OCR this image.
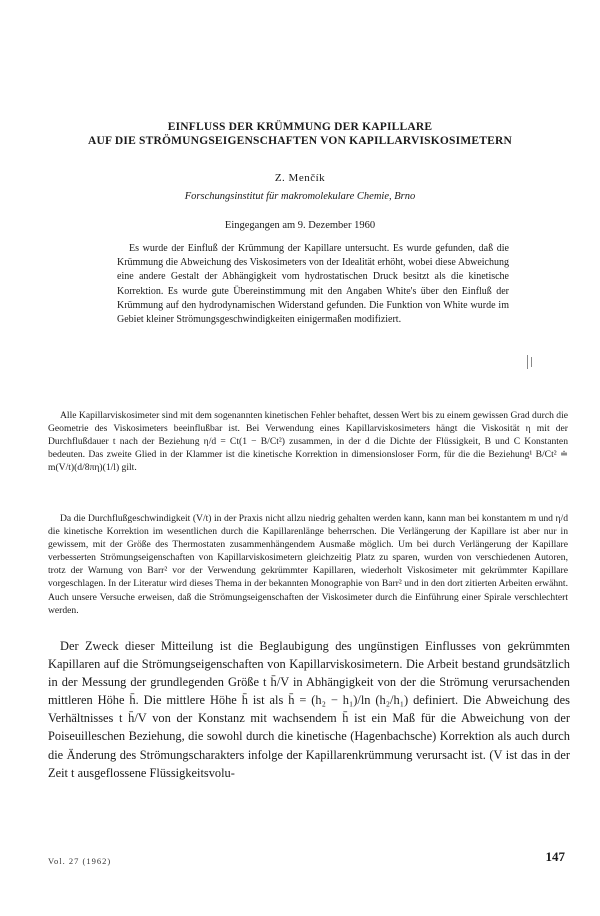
EINFLUSS DER KRÜMMUNG DER KAPILLARE
AUF DIE STRÖMUNGSEIGENSCHAFTEN VON KAPILLARVISKOSIMETERN
Z. Menčík
Forschungsinstitut für makromolekulare Chemie, Brno
Eingegangen am 9. Dezember 1960

Es wurde der Einfluß der Krümmung der Kapillare untersucht. Es wurde gefunden, daß die Krümmung die Abweichung des Viskosimeters von der Idealität erhöht, wobei diese Abweichung eine andere Gestalt der Abhängigkeit vom hydrostatischen Druck besitzt als die kinetische Korrektion. Es wurde gute Übereinstimmung mit den Angaben White's über den Einfluß der Krümmung auf den hydrodynamischen Widerstand gefunden. Die Funktion von White wurde im Gebiet kleiner Strömungsgeschwindigkeiten einigermaßen modifiziert.

Alle Kapillarviskosimeter sind mit dem sogenannten kinetischen Fehler behaftet, dessen Wert bis zu einem gewissen Grad durch die Geometrie des Viskosimeters beeinflußbar ist. Bei Verwendung eines Kapillarviskosimeters hängt die Viskosität η mit der Durchflußdauer t nach der Beziehung η/d = Ct(1 − B/Ct²) zusammen, in der d die Dichte der Flüssigkeit, B und C Konstanten bedeuten. Das zweite Glied in der Klammer ist die kinetische Korrektion in dimensionsloser Form, für die die Beziehung¹ B/Ct² ≐ m(V/t)(d/8πη)(1/l) gilt.

Da die Durchflußgeschwindigkeit (V/t) in der Praxis nicht allzu niedrig gehalten werden kann, kann man bei konstantem m und η/d die kinetische Korrektion im wesentlichen durch die Kapillarenlänge beherrschen. Die Verlängerung der Kapillare ist aber nur in gewissem, mit der Größe des Thermostaten zusammenhängendem Ausmaße möglich. Um bei durch Verlängerung der Kapillare verbesserten Strömungseigenschaften von Kapillarviskosimetern gleichzeitig Platz zu sparen, wurden von verschiedenen Autoren, trotz der Warnung von Barr² vor der Verwendung gekrümmter Kapillaren, wiederholt Viskosimeter mit gekrümmter Kapillare vorgeschlagen. In der Literatur wird dieses Thema in der bekannten Monographie von Barr² und in den dort zitierten Arbeiten erwähnt. Auch unsere Versuche erweisen, daß die Strömungseigenschaften der Viskosimeter durch die Einführung einer Spirale verschlechtert werden.

Der Zweck dieser Mitteilung ist die Beglaubigung des ungünstigen Einflusses von gekrümmten Kapillaren auf die Strömungseigenschaften von Kapillarviskosimetern. Die Arbeit bestand grundsätzlich in der Messung der grundlegenden Größe t h̄/V in Abhängigkeit von der die Strömung verursachenden mittleren Höhe h̄. Die mittlere Höhe h̄ ist als h̄ = (h₂ − h₁)/ln (h₂/h₁) definiert. Die Abweichung des Verhältnisses t h̄/V von der Konstanz mit wachsendem h̄ ist ein Maß für die Abweichung von der Poiseuilleschen Beziehung, die sowohl durch die kinetische (Hagenbachsche) Korrektion als auch durch die Änderung des Strömungscharakters infolge der Kapillarenkrümmung verursacht ist. (V ist das in der Zeit t ausgeflossene Flüssigkeitsvolu-

Vol. 27 (1962)	147
